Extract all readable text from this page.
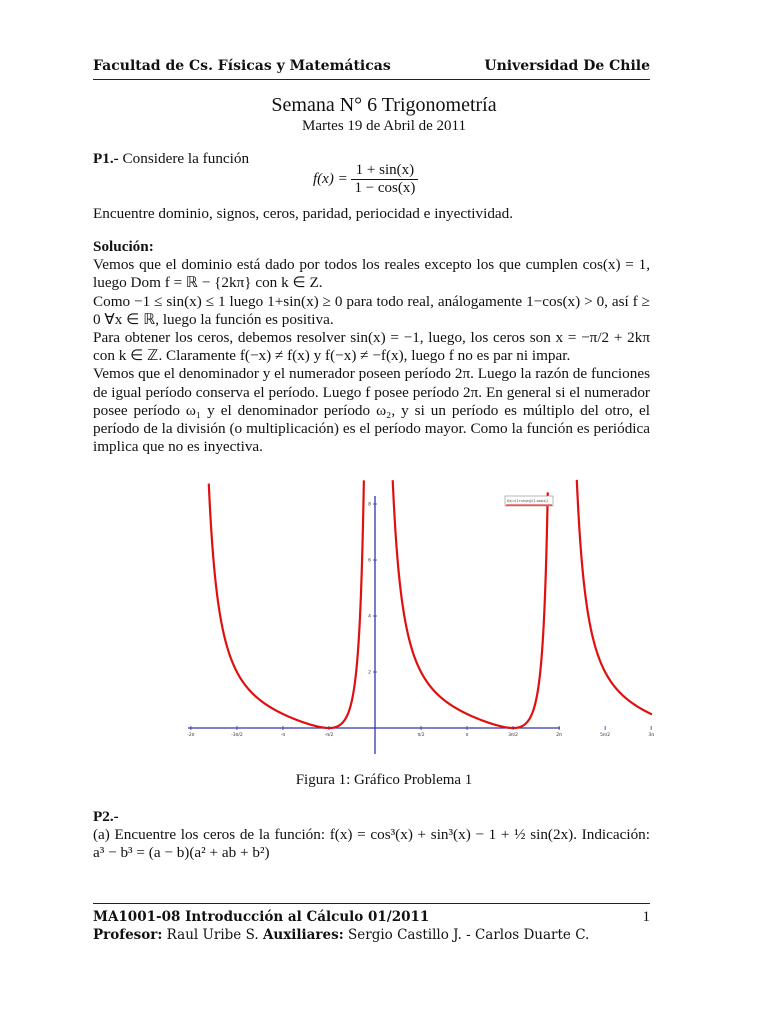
Facultad de Cs. Físicas y Matemáticas	Universidad De Chile
Semana N° 6 Trigonometría
Martes 19 de Abril de 2011

P1.- Considere la función

$f(x) = \frac{1 + \sin(x)}{1 - \cos(x)}$

Encuentre dominio, signos, ceros, paridad, periocidad e inyectividad.

Solución:

Vemos que el dominio está dado por todos los reales excepto los que cumplen cos(x) = 1, luego Dom f = ℝ − {2kπ} con k ∈ Z.

Como −1 ≤ sin(x) ≤ 1 luego 1+sin(x) ≥ 0 para todo real, análogamente 1−cos(x) > 0, así f ≥ 0 ∀x ∈ ℝ, luego la función es positiva.

Para obtener los ceros, debemos resolver sin(x) = −1, luego, los ceros son x = −π/2 + 2kπ con k ∈ ℤ. Claramente f(−x) ≠ f(x) y f(−x) ≠ −f(x), luego f no es par ni impar.

Vemos que el denominador y el numerador poseen período 2π. Luego la razón de funciones de igual período conserva el período. Luego f posee período 2π. En general si el numerador posee período ω₁ y el denominador período ω₂, y si un período es múltiplo del otro, el período de la división (o multiplicación) es el período mayor. Como la función es periódica implica que no es inyectiva.

f(x)=(1+sin(x))/(1-cos(x))
-2π	-3π/2	-π	-π/2	π/2	π	3π/2	2π	5π/2	3π
2
4
6
8
Figura 1: Gráfico Problema 1

P2.-

(a) Encuentre los ceros de la función: f(x) = cos³(x) + sin³(x) − 1 + ½ sin(2x). Indicación: a³ − b³ = (a − b)(a² + ab + b²)

MA1001-08 Introducción al Cálculo 01/2011	1
Profesor: Raul Uribe S. Auxiliares: Sergio Castillo J. - Carlos Duarte C.
